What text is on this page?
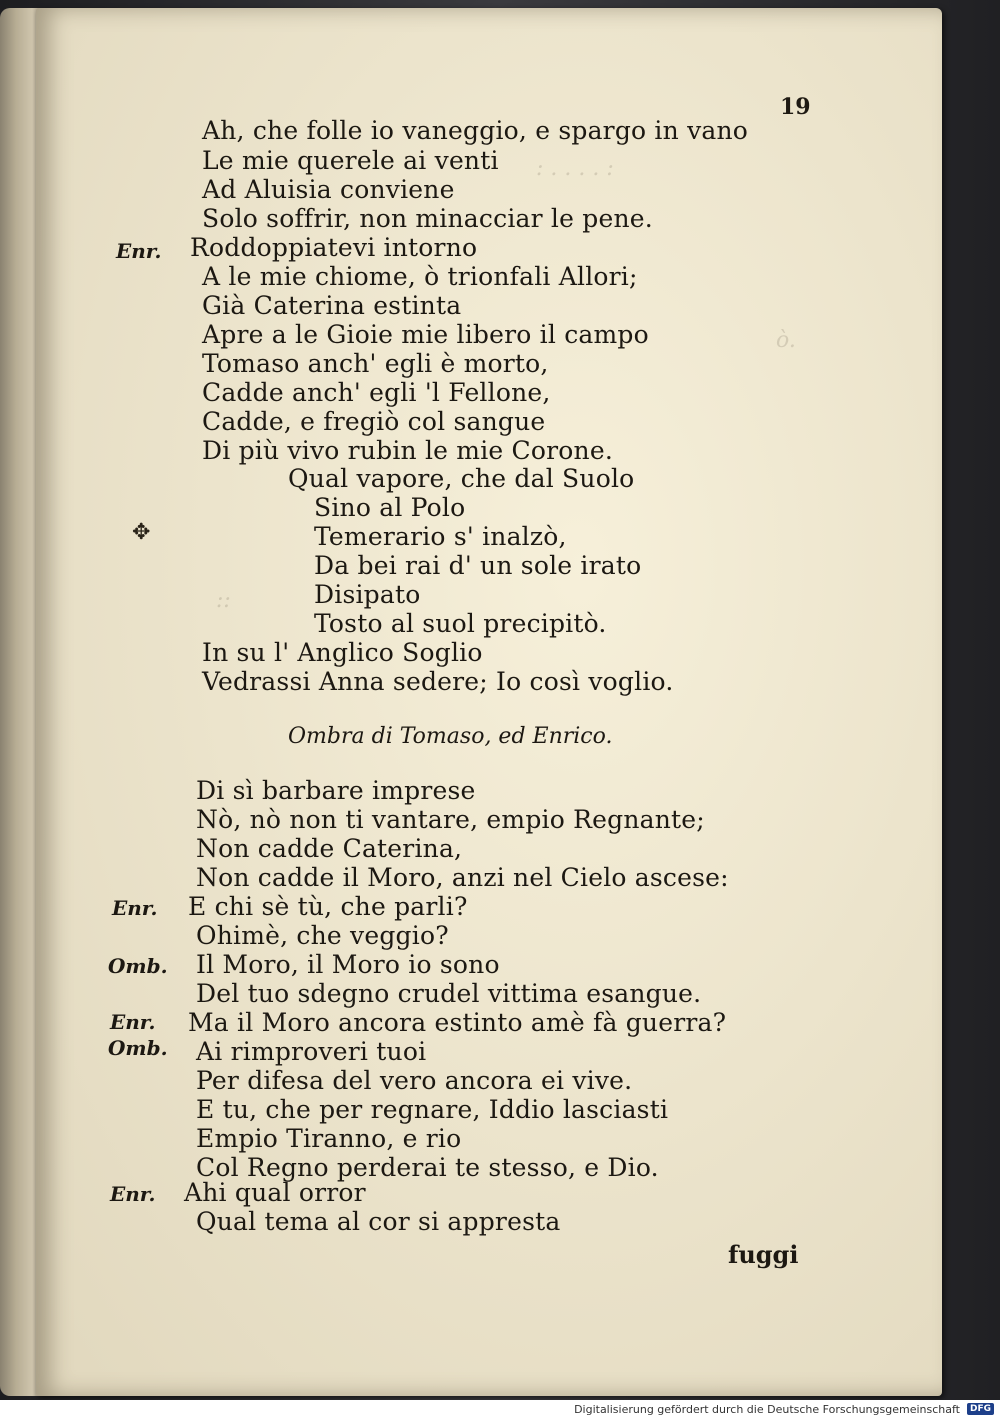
: . . . . :
ò.
::
19
Ah, che folle io vaneggio, e spargo in vano
Le mie querele ai venti
Ad Aluisia conviene
Solo soffrir, non minacciar le pene.
Enr. Roddoppiatevi intorno
A le mie chiome, ò trionfali Allori;
Già Caterina estinta
Apre a le Gioie mie libero il campo
Tomaso anch' egli è morto,
Cadde anch' egli 'l Fellone,
Cadde, e fregiò col sangue
Di più vivo rubin le mie Corone.
Qual vapore, che dal Suolo
Sino al Polo
✥	Temerario s' inalzò,
Da bei rai d' un sole irato
Disipato
Tosto al suol precipitò.
In su l' Anglico Soglio
Vedrassi Anna sedere; Io così voglio.
Ombra di Tomaso, ed Enrico.
Di sì barbare imprese
Nò, nò non ti vantare, empio Regnante;
Non cadde Caterina,
Non cadde il Moro, anzi nel Cielo ascese:
Enr. E chi sè tù, che parli?
Ohimè, che veggio?
Omb. Il Moro, il Moro io sono
Del tuo sdegno crudel vittima esangue.
Enr. Ma il Moro ancora estinto amè fà guerra?
Omb. Ai rimproveri tuoi
Per difesa del vero ancora ei vive.
E tu, che per regnare, Iddio lasciasti
Empio Tiranno, e rio
Col Regno perderai te stesso, e Dio.
Enr. Ahi qual orror
Qual tema al cor si appresta
fuggi
Digitalisierung gefördert durch die Deutsche Forschungsgemeinschaft	DFG
